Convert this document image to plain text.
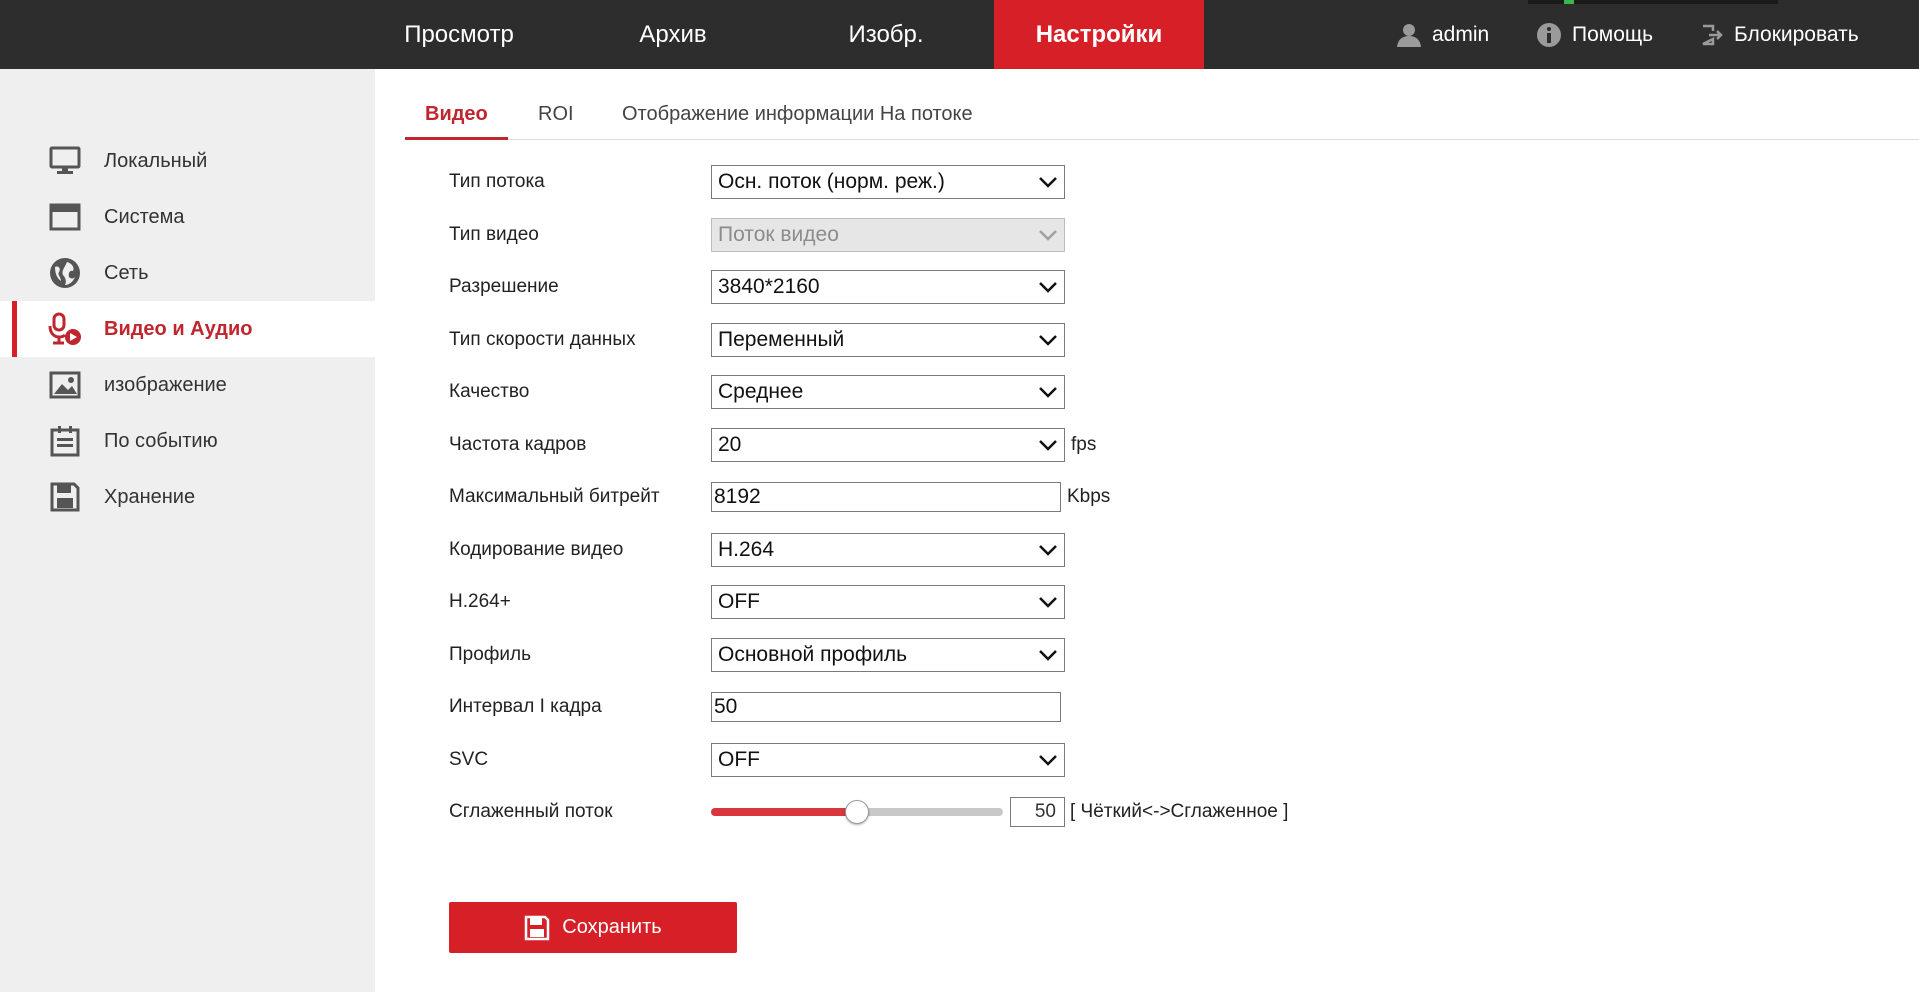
Просмотр	Архив	Изобр.	Настройки	admin	Помощь	Блокировать
Локальный
Система
Сеть
Видео и Аудио
изображение
По событию
Хранение
Видео	ROI	Отображение информации На потоке
Тип потока	Осн. поток (норм. реж.)
Тип видео	Поток видео
Разрешение	3840*2160
Тип скорости данных	Переменный
Качество	Среднее
Частота кадров	20	fps
Максимальный битрейт	8192	Kbps
Кодирование видео	H.264
H.264+	OFF
Профиль	Основной профиль
Интервал I кадра	50
SVC	OFF
Сглаженный поток	50 [ Чёткий<->Сглаженное ]
Сохранить
